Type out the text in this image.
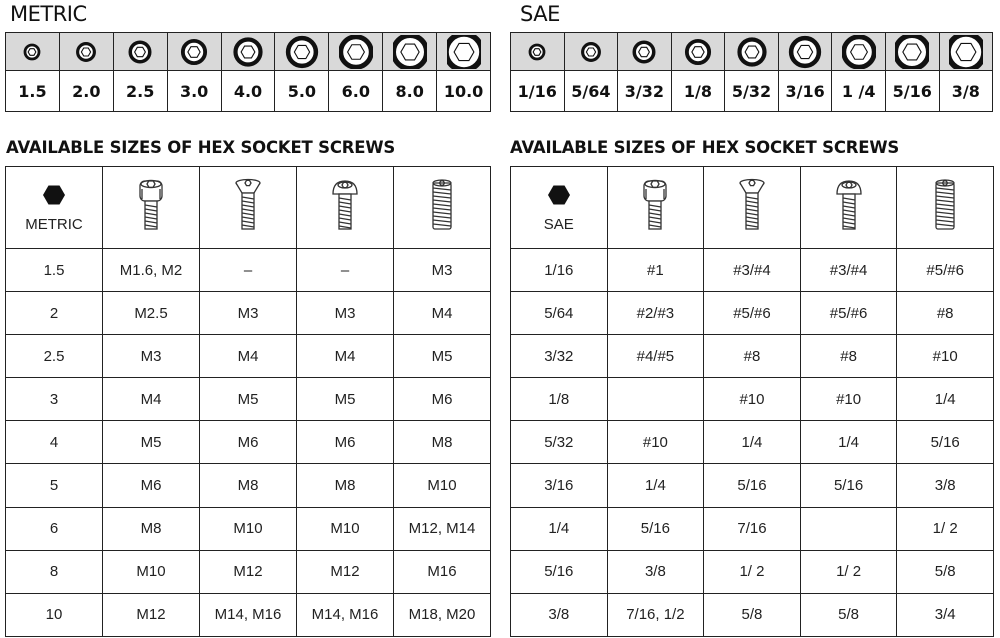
METRIC	SAE
1.5	2.0	2.5	3.0	4.0	5.0	6.0	8.0	10.0	1/16 5/64 3/32	1/8	5/32 3/16	1 /4	5/16	3/8
AVAILABLE SIZES OF HEX SOCKET SCREWS	AVAILABLE SIZES OF HEX SOCKET SCREWS
METRIC

1.5	M1.6, M2	–	–	M3
2	M2.5	M3	M3	M4
2.5	M3	M4	M4	M5
3	M4	M5	M5	M6
4	M5	M6	M6	M8
5	M6	M8	M8	M10
6	M8	M10	M10	M12, M14
8	M10	M12	M12	M16
10	M12	M14, M16	M14, M16	M18, M20
SAE

1/16	#1	#3/#4	#3/#4	#5/#6
5/64	#2/#3	#5/#6	#5/#6	#8
3/32	#4/#5	#8	#8	#10
1/8		#10	#10	1/4
5/32	#10	1/4	1/4	5/16
3/16	1/4	5/16	5/16	3/8
1/4	5/16	7/16		1/ 2
5/16	3/8	1/ 2	1/ 2	5/8
3/8	7/16, 1/2	5/8	5/8	3/4
